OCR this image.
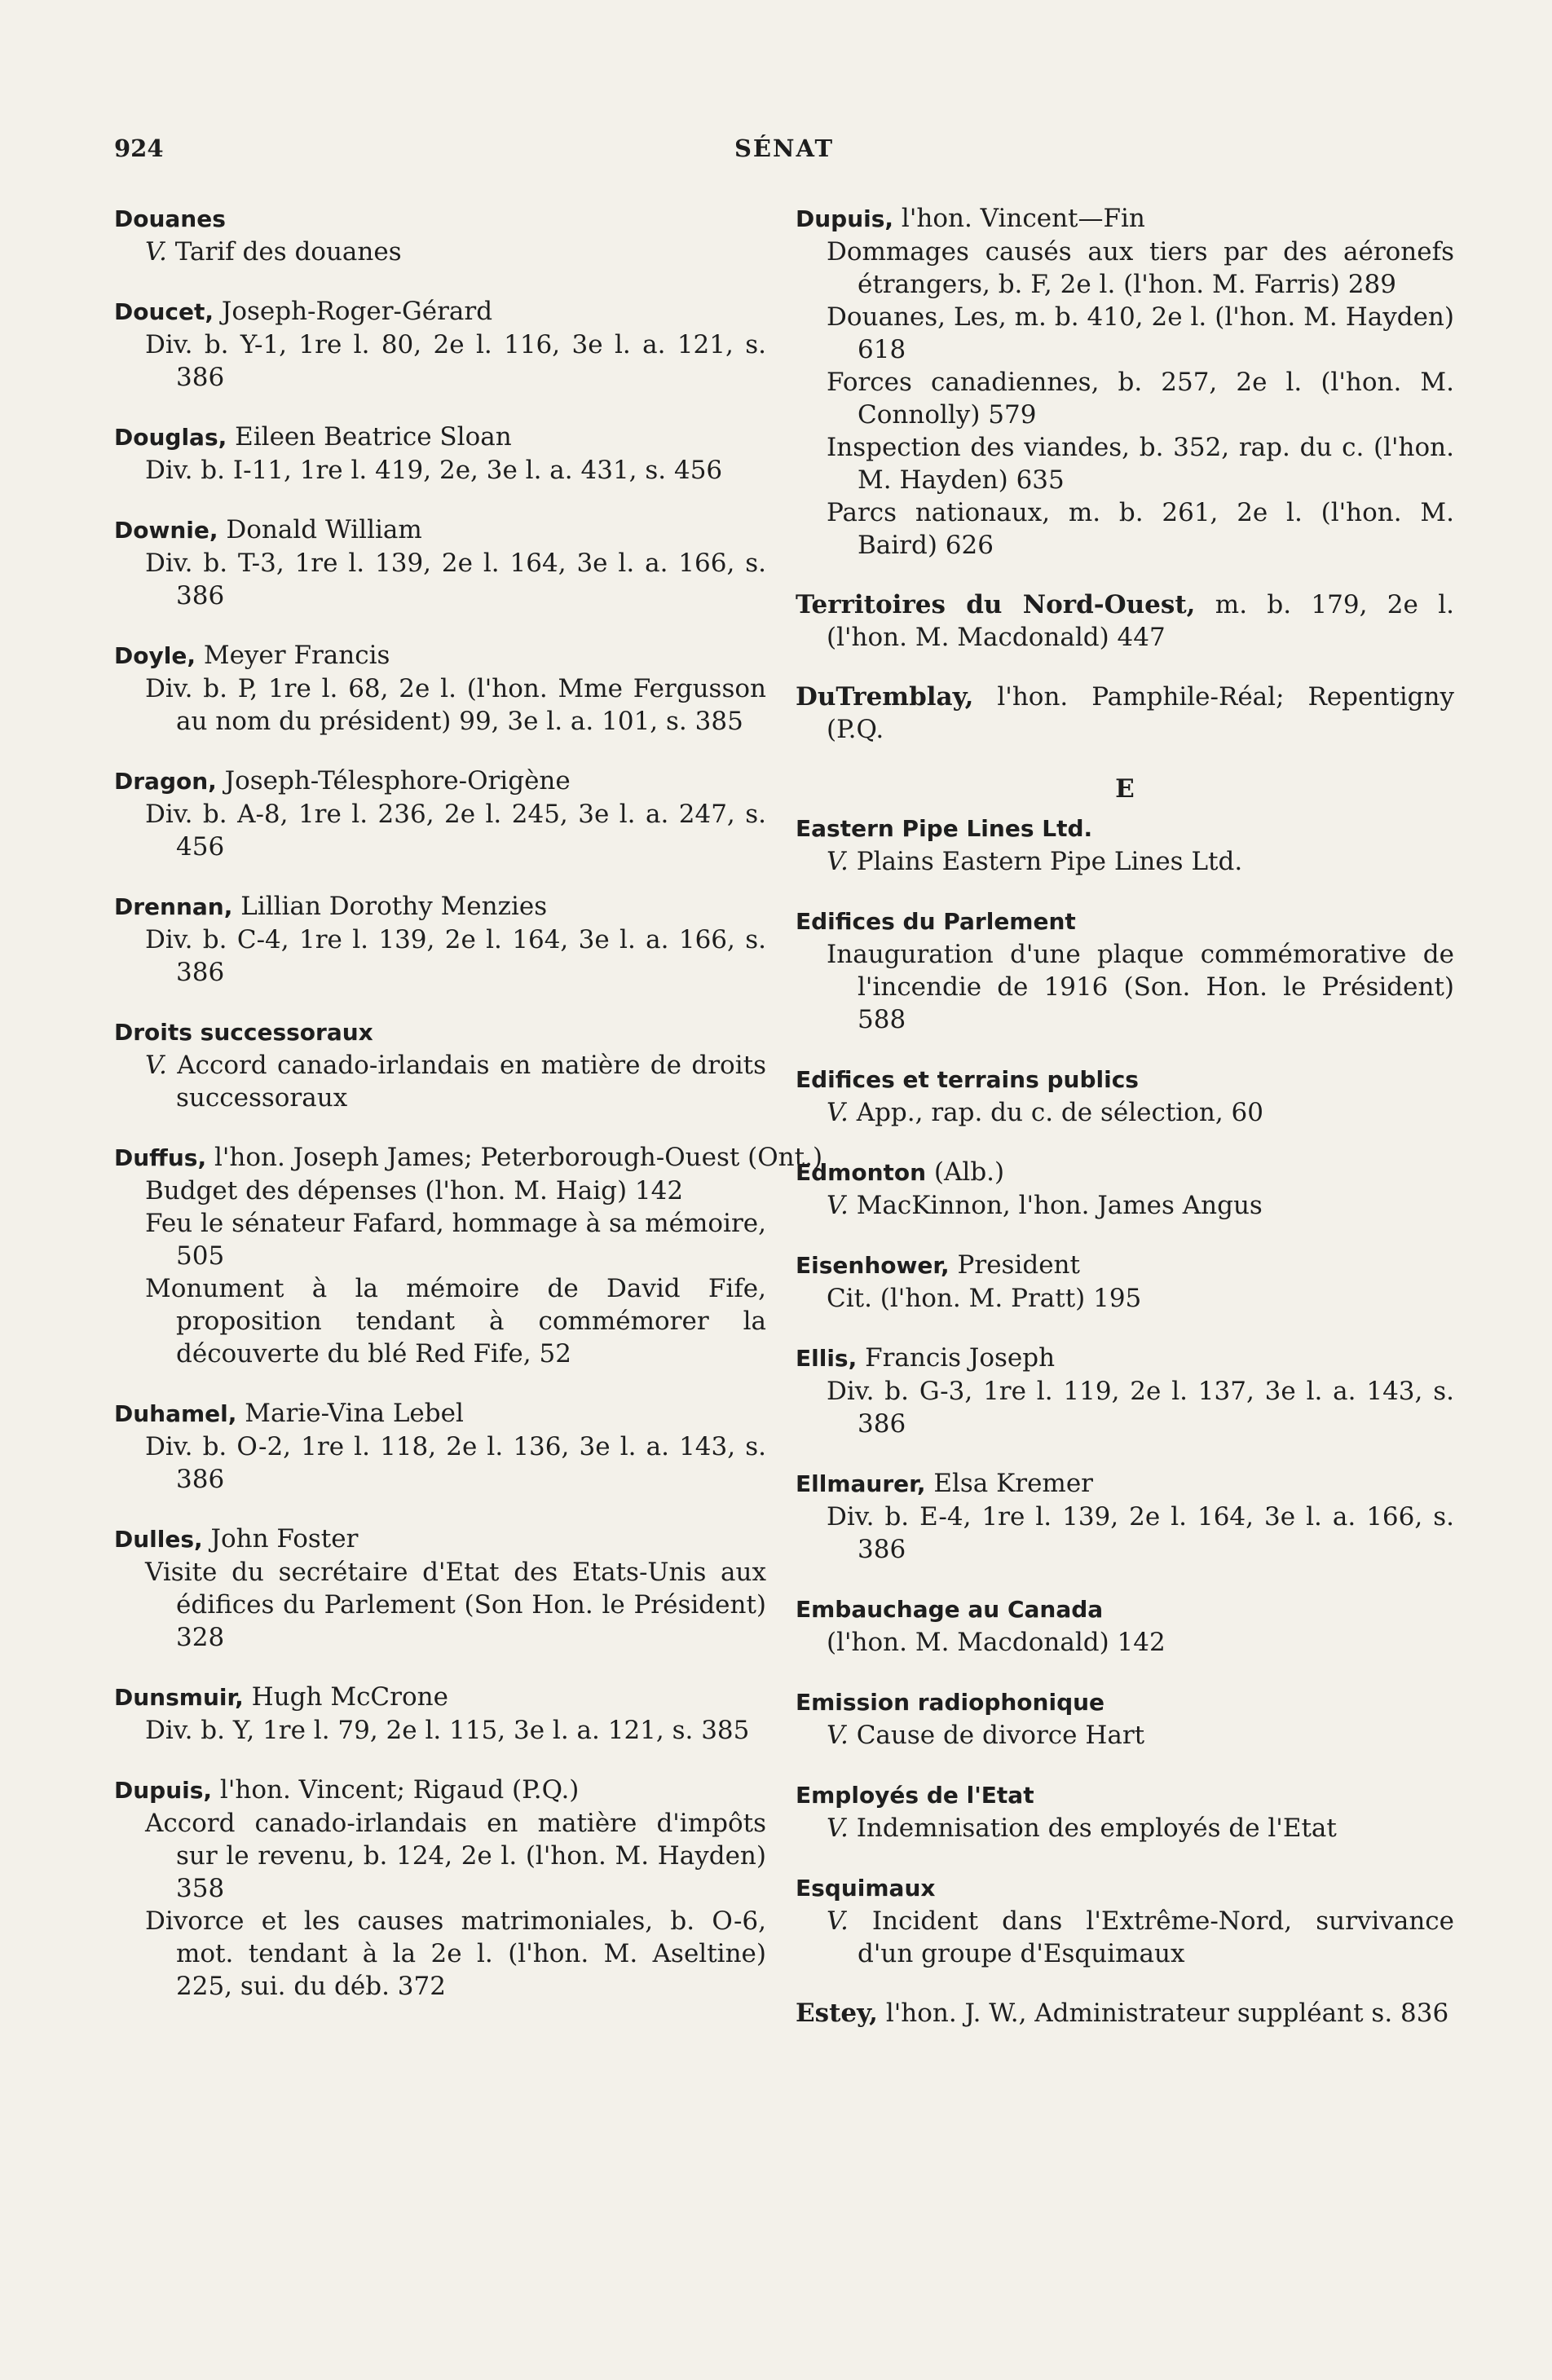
924	SÉNAT
Douanes
V. Tarif des douanes
Doucet, Joseph-Roger-Gérard
Div. b. Y-1, 1re l. 80, 2e l. 116, 3e l. a. 121, s. 386
Douglas, Eileen Beatrice Sloan
Div. b. I-11, 1re l. 419, 2e, 3e l. a. 431, s. 456
Downie, Donald William
Div. b. T-3, 1re l. 139, 2e l. 164, 3e l. a. 166, s. 386
Doyle, Meyer Francis
Div. b. P, 1re l. 68, 2e l. (l'hon. Mme Fergusson au nom du président) 99, 3e l. a. 101, s. 385
Dragon, Joseph-Télesphore-Origène
Div. b. A-8, 1re l. 236, 2e l. 245, 3e l. a. 247, s. 456
Drennan, Lillian Dorothy Menzies
Div. b. C-4, 1re l. 139, 2e l. 164, 3e l. a. 166, s. 386
Droits successoraux
V. Accord canado-irlandais en matière de droits successoraux
Duffus, l'hon. Joseph James; Peterborough-Ouest (Ont.)
Budget des dépenses (l'hon. M. Haig) 142
Feu le sénateur Fafard, hommage à sa mémoire, 505
Monument à la mémoire de David Fife, proposition tendant à commémorer la découverte du blé Red Fife, 52
Duhamel, Marie-Vina Lebel
Div. b. O-2, 1re l. 118, 2e l. 136, 3e l. a. 143, s. 386
Dulles, John Foster
Visite du secrétaire d'Etat des Etats-Unis aux édifices du Parlement (Son Hon. le Président) 328
Dunsmuir, Hugh McCrone
Div. b. Y, 1re l. 79, 2e l. 115, 3e l. a. 121, s. 385
Dupuis, l'hon. Vincent; Rigaud (P.Q.)
Accord canado-irlandais en matière d'impôts sur le revenu, b. 124, 2e l. (l'hon. M. Hayden) 358
Divorce et les causes matrimoniales, b. O-6, mot. tendant à la 2e l. (l'hon. M. Aseltine) 225, sui. du déb. 372
Dupuis, l'hon. Vincent—Fin
Dommages causés aux tiers par des aéronefs étrangers, b. F, 2e l. (l'hon. M. Farris) 289
Douanes, Les, m. b. 410, 2e l. (l'hon. M. Hayden) 618
Forces canadiennes, b. 257, 2e l. (l'hon. M. Connolly) 579
Inspection des viandes, b. 352, rap. du c. (l'hon. M. Hayden) 635
Parcs nationaux, m. b. 261, 2e l. (l'hon. M. Baird) 626
Territoires du Nord-Ouest, m. b. 179, 2e l. (l'hon. M. Macdonald) 447
DuTremblay, l'hon. Pamphile-Réal; Repentigny (P.Q.
E
Eastern Pipe Lines Ltd.
V. Plains Eastern Pipe Lines Ltd.
Edifices du Parlement
Inauguration d'une plaque commémorative de l'incendie de 1916 (Son. Hon. le Président) 588
Edifices et terrains publics
V. App., rap. du c. de sélection, 60
Edmonton (Alb.)
V. MacKinnon, l'hon. James Angus
Eisenhower, President
Cit. (l'hon. M. Pratt) 195
Ellis, Francis Joseph
Div. b. G-3, 1re l. 119, 2e l. 137, 3e l. a. 143, s. 386
Ellmaurer, Elsa Kremer
Div. b. E-4, 1re l. 139, 2e l. 164, 3e l. a. 166, s. 386
Embauchage au Canada
(l'hon. M. Macdonald) 142
Emission radiophonique
V. Cause de divorce Hart
Employés de l'Etat
V. Indemnisation des employés de l'Etat
Esquimaux
V. Incident dans l'Extrême-Nord, survivance d'un groupe d'Esquimaux
Estey, l'hon. J. W., Administrateur suppléant s. 836
